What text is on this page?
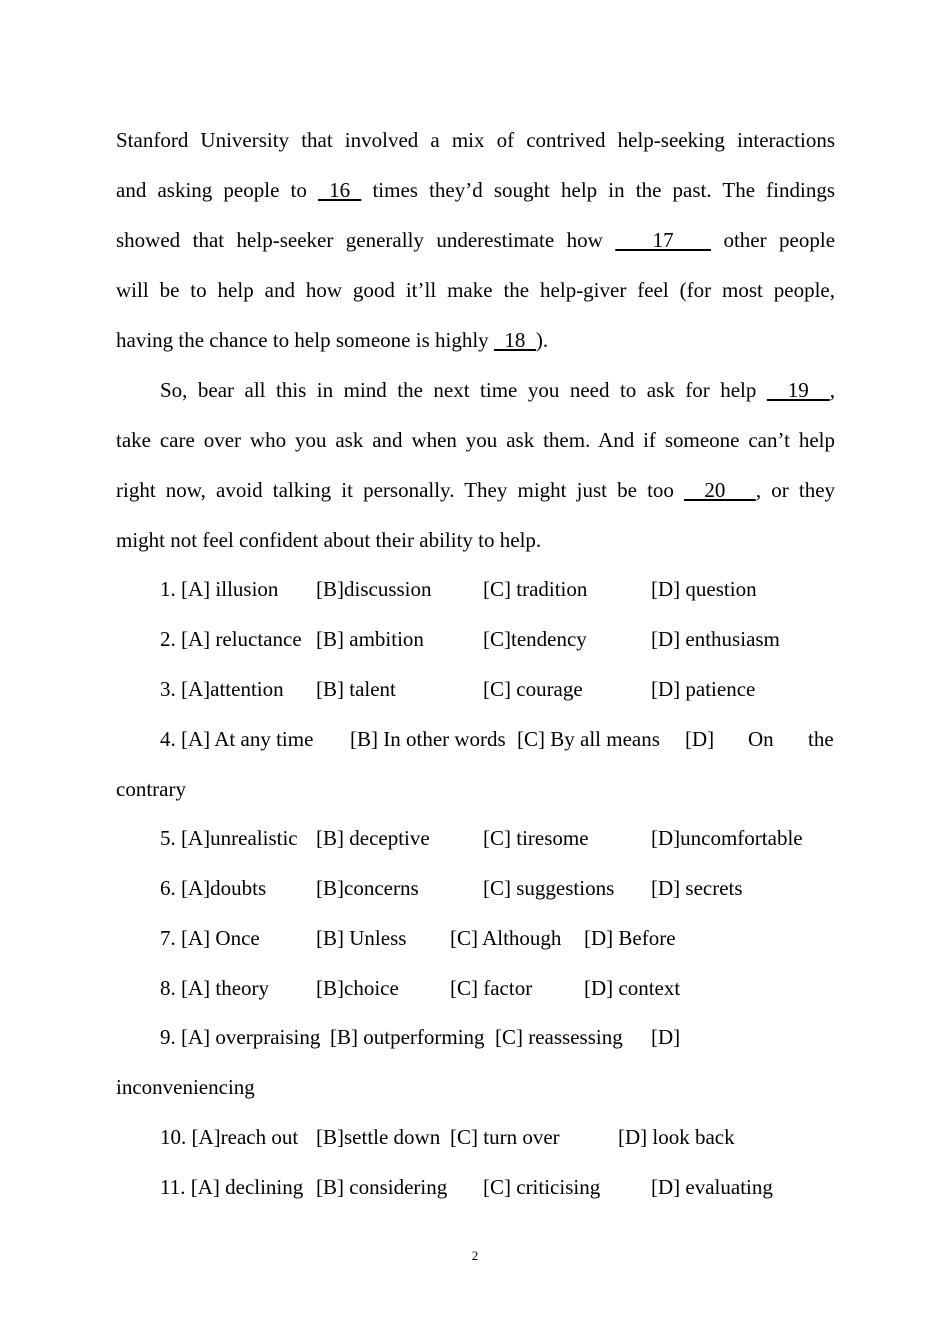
Stanford University that involved a mix of contrived help-seeking interactions
and asking people to  16  times they’d sought help in the past. The findings
showed that help-seeker generally underestimate how    17    other people
will be to help and how good it’ll make the help-giver feel (for most people,
having the chance to help someone is highly   18  ).
So, bear all this in mind the next time you need to ask for help   19  ,
take care over who you ask and when you ask them. And if someone can’t help
right now, avoid talking it personally. They might just be too   20   , or they
might not feel confident about their ability to help.
1. [A] illusion [B]discussion [C] tradition	[D] question
2. [A] reluctance [B] ambition	[C]tendency	[D] enthusiasm
3. [A]attention [B] talent	[C] courage	[D] patience
4. [A] At any time [B] In other words [C] By all means [D] On the
contrary
5. [A]unrealistic [B] deceptive	[C] tiresome	[D]uncomfortable
6. [A]doubts [B]concerns	[C] suggestions [D] secrets
7. [A] Once	[B] Unless [C] Although [D] Before
8. [A] theory [B]choice [C] factor [D] context
9. [A] overpraising [B] outperforming [C] reassessing [D]
inconveniencing
10. [A]reach out [B]settle down [C] turn over	[D] look back
11. [A] declining [B] considering [C] criticising [D] evaluating
2
